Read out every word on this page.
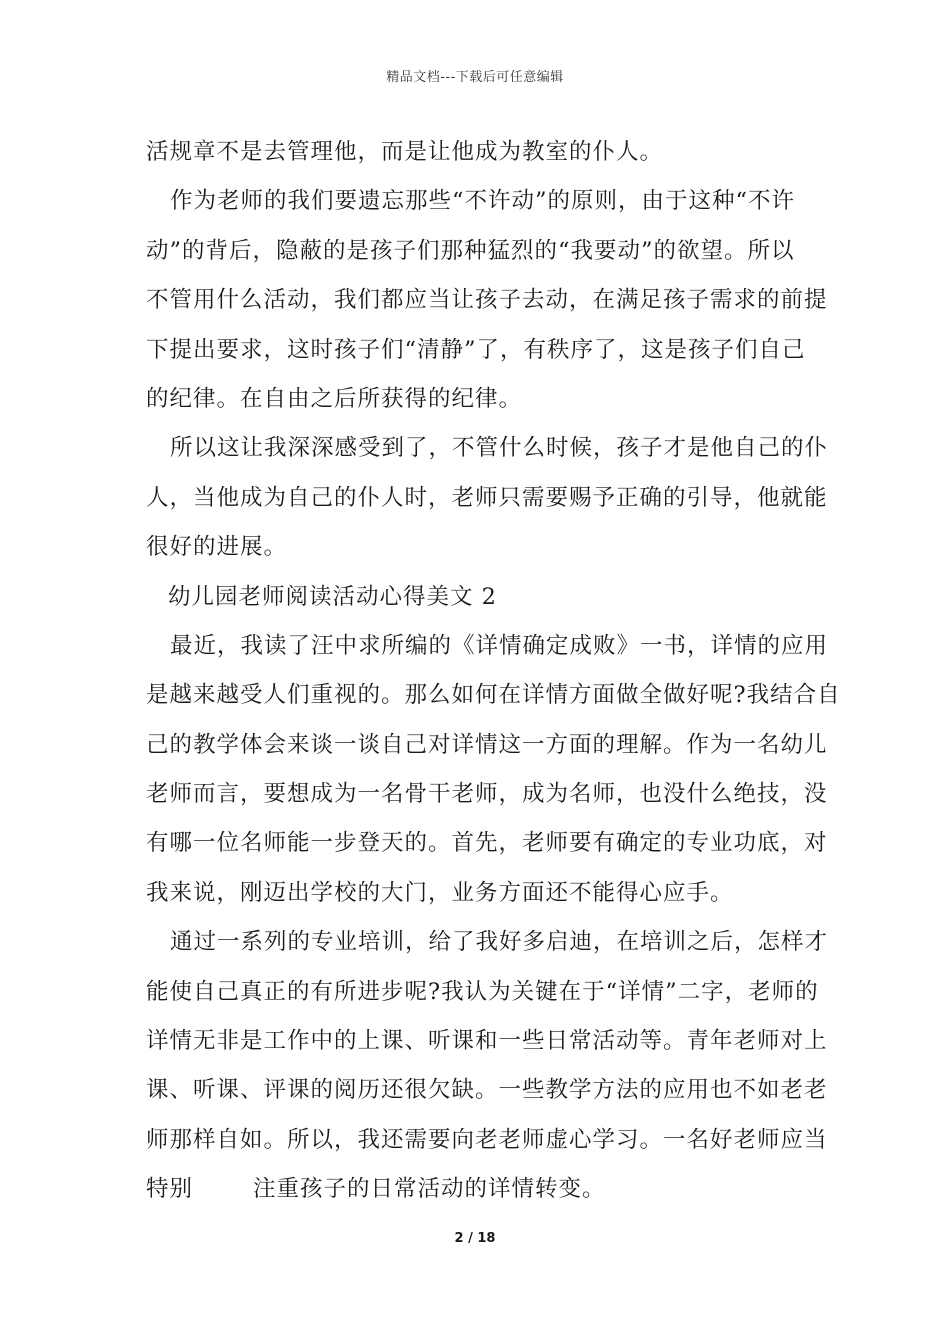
精品文档---下载后可任意编辑
活规章不是去管理他，而是让他成为教室的仆人。
作为老师的我们要遗忘那些“不许动”的原则，由于这种“不许
动”的背后，隐蔽的是孩子们那种猛烈的“我要动”的欲望。所以
不管用什么活动，我们都应当让孩子去动，在满足孩子需求的前提
下提出要求，这时孩子们“清静”了，有秩序了，这是孩子们自己
的纪律。在自由之后所获得的纪律。
所以这让我深深感受到了，不管什么时候，孩子才是他自己的仆
人，当他成为自己的仆人时，老师只需要赐予正确的引导，他就能
很好的进展。
幼儿园老师阅读活动心得美文 2
最近，我读了汪中求所编的《详情确定成败》一书，详情的应用
是越来越受人们重视的。那么如何在详情方面做全做好呢?我结合自
己的教学体会来谈一谈自己对详情这一方面的理解。作为一名幼儿
老师而言，要想成为一名骨干老师，成为名师，也没什么绝技，没
有哪一位名师能一步登天的。首先，老师要有确定的专业功底，对
我来说，刚迈出学校的大门，业务方面还不能得心应手。
通过一系列的专业培训，给了我好多启迪，在培训之后，怎样才
能使自己真正的有所进步呢?我认为关键在于“详情”二字，老师的
详情无非是工作中的上课、听课和一些日常活动等。青年老师对上
课、听课、评课的阅历还很欠缺。一些教学方法的应用也不如老老
师那样自如。所以，我还需要向老老师虚心学习。一名好老师应当
特别	注重孩子的日常活动的详情转变。
2 / 18
